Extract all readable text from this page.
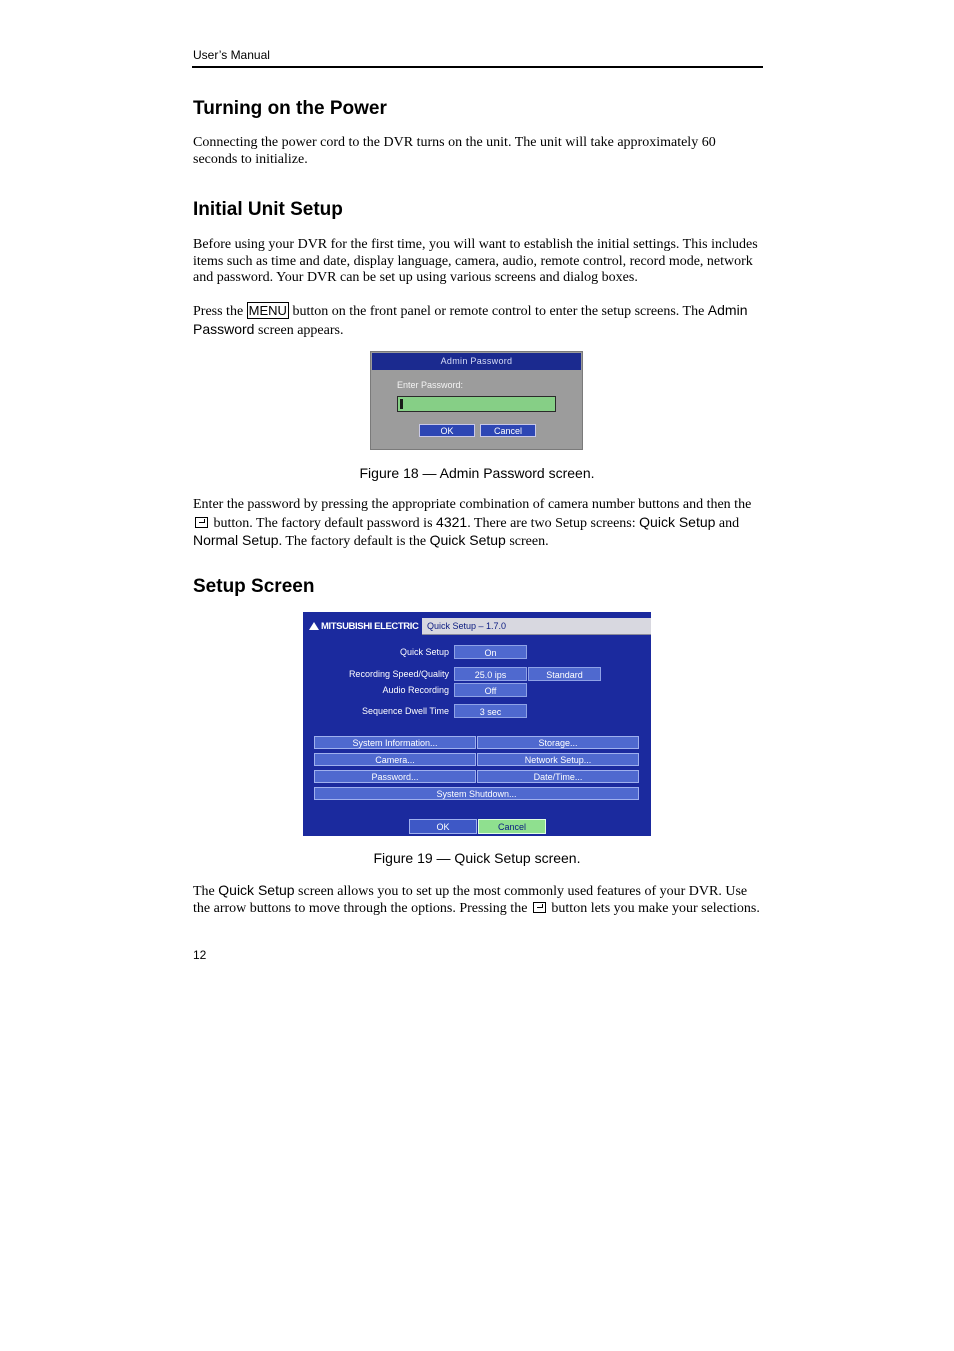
User’s Manual
Turning on the Power
Connecting the power cord to the DVR turns on the unit. The unit will take approximately 60 seconds to initialize.
Initial Unit Setup
Before using your DVR for the first time, you will want to establish the initial settings. This includes items such as time and date, display language, camera, audio, remote control, record mode, network and password. Your DVR can be set up using various screens and dialog boxes.
Press the MENU button on the front panel or remote control to enter the setup screens. The Admin Password screen appears.
Admin Password
Enter Password:
OK	Cancel
Figure 18 — Admin Password screen.
Enter the password by pressing the appropriate combination of camera number buttons and then the  button. The factory default password is 4321. There are two Setup screens: Quick Setup and Normal Setup. The factory default is the Quick Setup screen.
Setup Screen
MITSUBISHI ELECTRIC Quick Setup – 1.7.0
Quick Setup	On
Recording Speed/Quality	25.0 ips	Standard
Audio Recording	Off
Sequence Dwell Time	3 sec
System Information...	Storage...
Camera...	Network Setup...
Password...	Date/Time...
System Shutdown...
OK	Cancel
Figure 19 — Quick Setup screen.
The Quick Setup screen allows you to set up the most commonly used features of your DVR. Use the arrow buttons to move through the options. Pressing the  button lets you make your selections.
12
